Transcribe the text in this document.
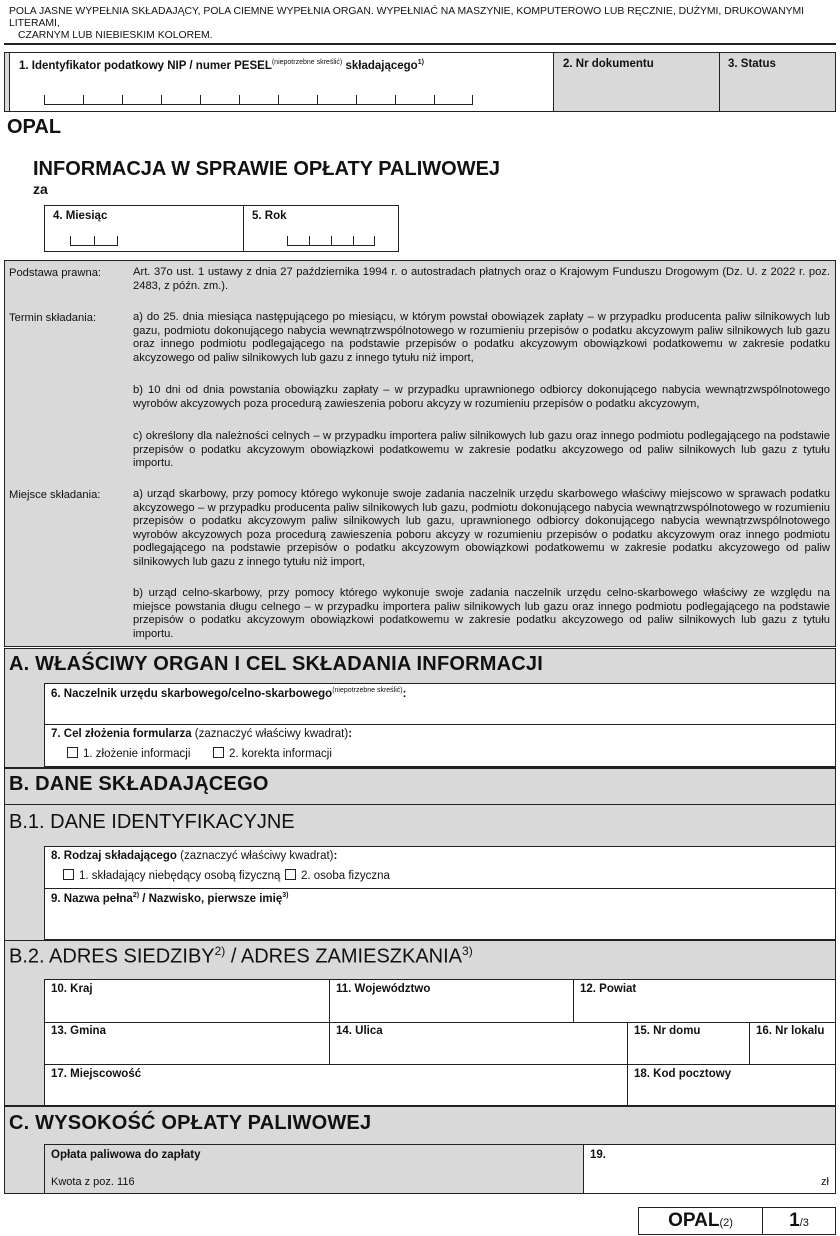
POLA JASNE WYPEŁNIA SKŁADAJĄCY, POLA CIEMNE WYPEŁNIA ORGAN. WYPEŁNIAĆ NA MASZYNIE, KOMPUTEROWO LUB RĘCZNIE, DUŻYMI, DRUKOWANYMI LITERAMI,
CZARNYM LUB NIEBIESKIM KOLOREM.
1. Identyfikator podatkowy NIP / numer $PESEL^{(niepotrzebne skreślić)}$ składającego$^{1)}$	2. Nr dokumentu	3. Status
OPAL
INFORMACJA W SPRAWIE OPŁATY PALIWOWEJ
za
4. Miesiąc	5. Rok
Podstawa prawna:	Art. 37o ust. 1 ustawy z dnia 27 października 1994 r. o autostradach płatnych oraz o Krajowym Funduszu Drogowym (Dz. U. z 2022 r. poz. 2483, z późn. zm.).
Termin składania:	a) do 25. dnia miesiąca następującego po miesiącu, w którym powstał obowiązek zapłaty – w przypadku producenta paliw silnikowych lub gazu, podmiotu dokonującego nabycia wewnątrzwspólnotowego w rozumieniu przepisów o podatku akcyzowym paliw silnikowych lub gazu oraz innego podmiotu podlegającego na podstawie przepisów o podatku akcyzowym obowiązkowi podatkowemu w zakresie podatku akcyzowego od paliw silnikowych lub gazu z innego tytułu niż import,
b) 10 dni od dnia powstania obowiązku zapłaty – w przypadku uprawnionego odbiorcy dokonującego nabycia wewnątrzwspólnotowego wyrobów akcyzowych poza procedurą zawieszenia poboru akcyzy w rozumieniu przepisów o podatku akcyzowym,
c) określony dla należności celnych – w przypadku importera paliw silnikowych lub gazu oraz innego podmiotu podlegającego na podstawie przepisów o podatku akcyzowym obowiązkowi podatkowemu w zakresie podatku akcyzowego od paliw silnikowych lub gazu z tytułu importu.
Miejsce składania:	a) urząd skarbowy, przy pomocy którego wykonuje swoje zadania naczelnik urzędu skarbowego właściwy miejscowo w sprawach podatku akcyzowego – w przypadku producenta paliw silnikowych lub gazu, podmiotu dokonującego nabycia wewnątrzwspólnotowego w rozumieniu przepisów o podatku akcyzowym paliw silnikowych lub gazu, uprawnionego odbiorcy dokonującego nabycia wewnątrzwspólnotowego wyrobów akcyzowych poza procedurą zawieszenia poboru akcyzy w rozumieniu przepisów o podatku akcyzowym oraz innego podmiotu podlegającego na podstawie przepisów o podatku akcyzowym obowiązkowi podatkowemu w zakresie podatku akcyzowego od paliw silnikowych lub gazu z innego tytułu niż import,
b) urząd celno-skarbowy, przy pomocy którego wykonuje swoje zadania naczelnik urzędu celno-skarbowego właściwy ze względu na miejsce powstania długu celnego – w przypadku importera paliw silnikowych lub gazu oraz innego podmiotu podlegającego na podstawie przepisów o podatku akcyzowym obowiązkowi podatkowemu w zakresie podatku akcyzowego od paliw silnikowych lub gazu z tytułu importu.
A. WŁAŚCIWY ORGAN I CEL SKŁADANIA INFORMACJI
6. Naczelnik urzędu skarbowego/celno-skarbowego$^{(niepotrzebne skreślić)}$:
7. Cel złożenia formularza (zaznaczyć właściwy kwadrat):
1. złożenie informacji	2. korekta informacji
B. DANE SKŁADAJĄCEGO
B.1. DANE IDENTYFIKACYJNE
8. Rodzaj składającego (zaznaczyć właściwy kwadrat):
1. składający niebędący osobą fizyczną	2. osoba fizyczna
9. Nazwa pełna$^{2)}$ / Nazwisko, pierwsze imię$^{3)}$
B.2. ADRES SIEDZIBY$^{2)}$ / ADRES ZAMIESZKANIA$^{3)}$
10. Kraj	11. Województwo	12. Powiat
13. Gmina	14. Ulica	15. Nr domu	16. Nr lokalu
17. Miejscowość	18. Kod pocztowy
C. WYSOKOŚĆ OPŁATY PALIWOWEJ
Opłata paliwowa do zapłaty
Kwota z poz. 116
19.
zł
OPAL(2)	1/3
